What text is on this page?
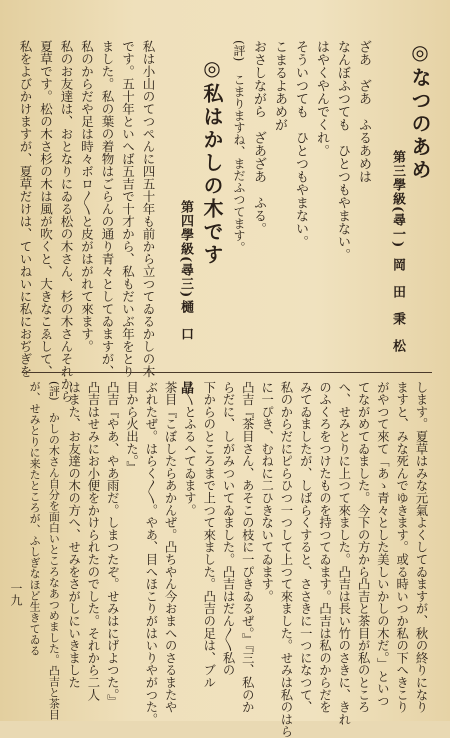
◎なつのあめ
第三學級(尋一)
岡田秉松
ざあ　ざあ　ふるあめは
なんぼふつても　ひとつもやまない。
はやくやんでくれ。
そういつても　ひとつもやまない。
こまるよあめが
おさしながら　ざあざあ　ふる。
(評)　こまりますね、まだふつてます。
◎私はかしの木です
第四學級(尋三)
樋口　晶
私は小山のてつぺんに四五十年も前から立つてゐるかしの木
です。五十年といへば五吉で十才から、私もだいぶ年をとり
ました。私の葉の着物はごらんの通り青々としてゐますが、
私のからだや足は時々ボロ〳〵と皮がはがれて來ます。
私のお友達は、おとなりにゐる松の木さん、杉の木さんそれから
夏草です。松の木さ杉の木は風が吹くと、大きなこゑして、
私をよびかけますが、夏草だけは、ていねいに私におぢぎを
します。夏草はみな元氣よくしてゐますが、秋の終りになり
ますと、みな死んでゆきます。或る時いつか私の下へきこり
がやつて來て「あゝ青々とした美しいかしの木だ。」といつ
てながめてゐました。今下の方から凸吉と茶目が私のところ
へ、せみとりに上つて來ました。凸吉は長い竹のさきに、きれ
のふくろをつけたものを持つてゐます。凸吉は私のからだを
みてゐましたが、しばらくすると、ささきに一つになつて、
私のからだにピらひつ一つして上つて來ました。せみは私のはら
に一ぴき、むねに二ひきないてゐます。
凸吉『茶目さん、あそこの枝に一ぴきゐるぜ。』『三、私のか
らだに、しがみついてゐました。凸吉はだん〳〵私の
下からのところまで上つて來ました。凸吉の足は、ブル
〳〵とふるへてゐます。
茶目『こぼしたらあかんぜ。凸ちやん今おまへのさるまたや
ぶれたぜ。はらく〳〵。やあ、目へほこりがはいりやがつた。
目から火出た。』
凸吉『やあ、やあ雨だ。しまつたぞ。せみはにげよつた。』
凸吉はせみにお小便をかけられたのでした。それから二人
はまた、お友達の木の方へ、せみをさがしにいきました
(評)　かしの木さん自分を面白いところなあつめました。凸吉と茶目
が、せみとりに来たところが、ふしぎなほど生きてゐる
一九
